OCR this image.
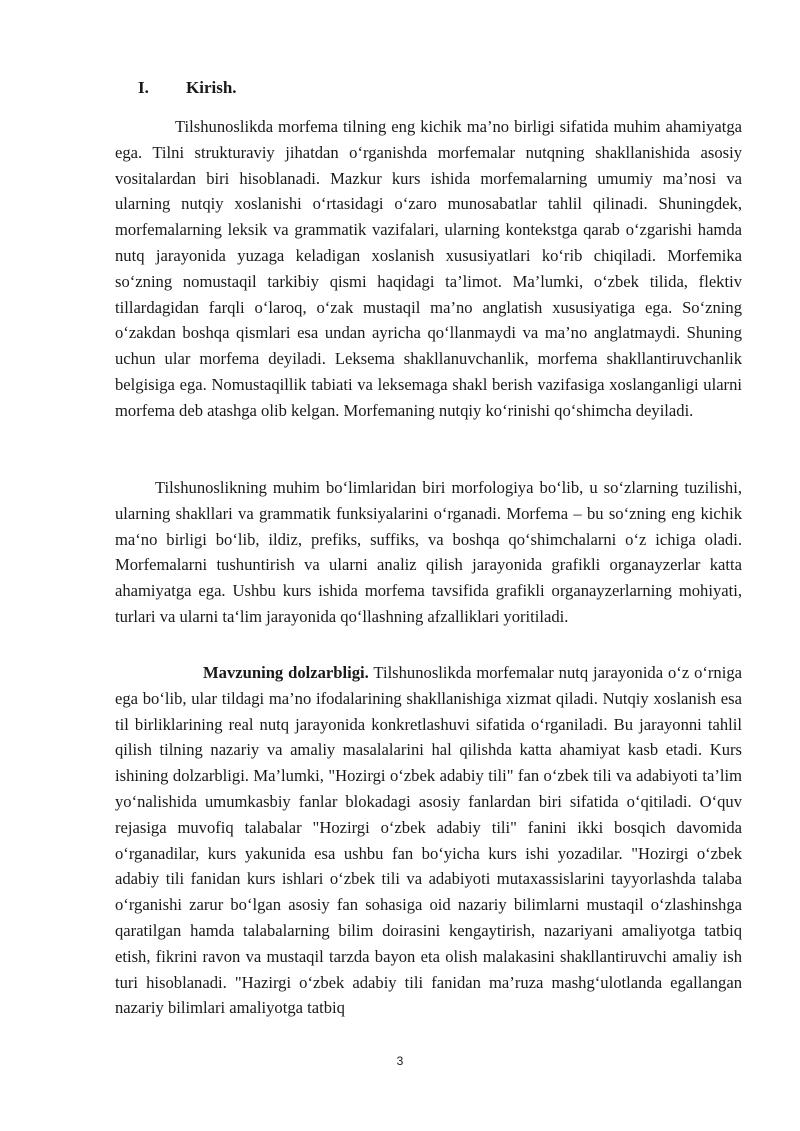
I. Kirish.

Tilshunoslikda morfema tilning eng kichik ma’no birligi sifatida muhim ahamiyatga ega. Tilni strukturaviy jihatdan o‘rganishda morfemalar nutqning shakllanishida asosiy vositalardan biri hisoblanadi. Mazkur kurs ishida morfemalarning umumiy ma’nosi va ularning nutqiy xoslanishi o‘rtasidagi o‘zaro munosabatlar tahlil qilinadi. Shuningdek, morfemalarning leksik va grammatik vazifalari, ularning kontekstga qarab o‘zgarishi hamda nutq jarayonida yuzaga keladigan xoslanish xususiyatlari ko‘rib chiqiladi. Morfemika so‘zning nomustaqil tarkibiy qismi haqidagi ta’limot. Ma’lumki, o‘zbek tilida, flektiv tillardagidan farqli o‘laroq, o‘zak mustaqil ma’no anglatish xususiyatiga ega. So‘zning o‘zakdan boshqa qismlari esa undan ayricha qo‘llanmaydi va ma’no anglatmaydi. Shuning uchun ular morfema deyiladi. Leksema shakllanuvchanlik, morfema shakllantiruvchanlik belgisiga ega. Nomustaqillik tabiati va leksemaga shakl berish vazifasiga xoslanganligi ularni morfema deb atashga olib kelgan. Morfemaning nutqiy ko‘rinishi qo‘shimcha deyiladi.

Tilshunoslikning muhim bo‘limlaridan biri morfologiya bo‘lib, u so‘zlarning tuzilishi, ularning shakllari va grammatik funksiyalarini o‘rganadi. Morfema – bu so‘zning eng kichik ma‘no birligi bo‘lib, ildiz, prefiks, suffiks, va boshqa qo‘shimchalarni o‘z ichiga oladi. Morfemalarni tushuntirish va ularni analiz qilish jarayonida grafikli organayzerlar katta ahamiyatga ega. Ushbu kurs ishida morfema tavsifida grafikli organayzerlarning mohiyati, turlari va ularni ta‘lim jarayonida qo‘llashning afzalliklari yoritiladi.

Mavzuning dolzarbligi. Tilshunoslikda morfemalar nutq jarayonida o‘z o‘rniga ega bo‘lib, ular tildagi ma’no ifodalarining shakllanishiga xizmat qiladi. Nutqiy xoslanish esa til birliklarining real nutq jarayonida konkretlashuvi sifatida o‘rganiladi. Bu jarayonni tahlil qilish tilning nazariy va amaliy masalalarini hal qilishda katta ahamiyat kasb etadi. Kurs ishining dolzarbligi. Ma’lumki, "Hozirgi o‘zbek adabiy tili" fan o‘zbek tili va adabiyoti ta’lim yo‘nalishida umumkasbiy fanlar blokadagi asosiy fanlardan biri sifatida o‘qitiladi. O‘quv rejasiga muvofiq talabalar "Hozirgi o‘zbek adabiy tili" fanini ikki bosqich davomida o‘rganadilar, kurs yakunida esa ushbu fan bo‘yicha kurs ishi yozadilar. "Hozirgi o‘zbek adabiy tili fanidan kurs ishlari o‘zbek tili va adabiyoti mutaxassislarini tayyorlashda talaba o‘rganishi zarur bo‘lgan asosiy fan sohasiga oid nazariy bilimlarni mustaqil o‘zlashinshga qaratilgan hamda talabalarning bilim doirasini kengaytirish, nazariyani amaliyotga tatbiq etish, fikrini ravon va mustaqil tarzda bayon eta olish malakasini shakllantiruvchi amaliy ish turi hisoblanadi. "Hazirgi o‘zbek adabiy tili fanidan ma’ruza mashg‘ulotlanda egallangan nazariy bilimlari amaliyotga tatbiq

3
